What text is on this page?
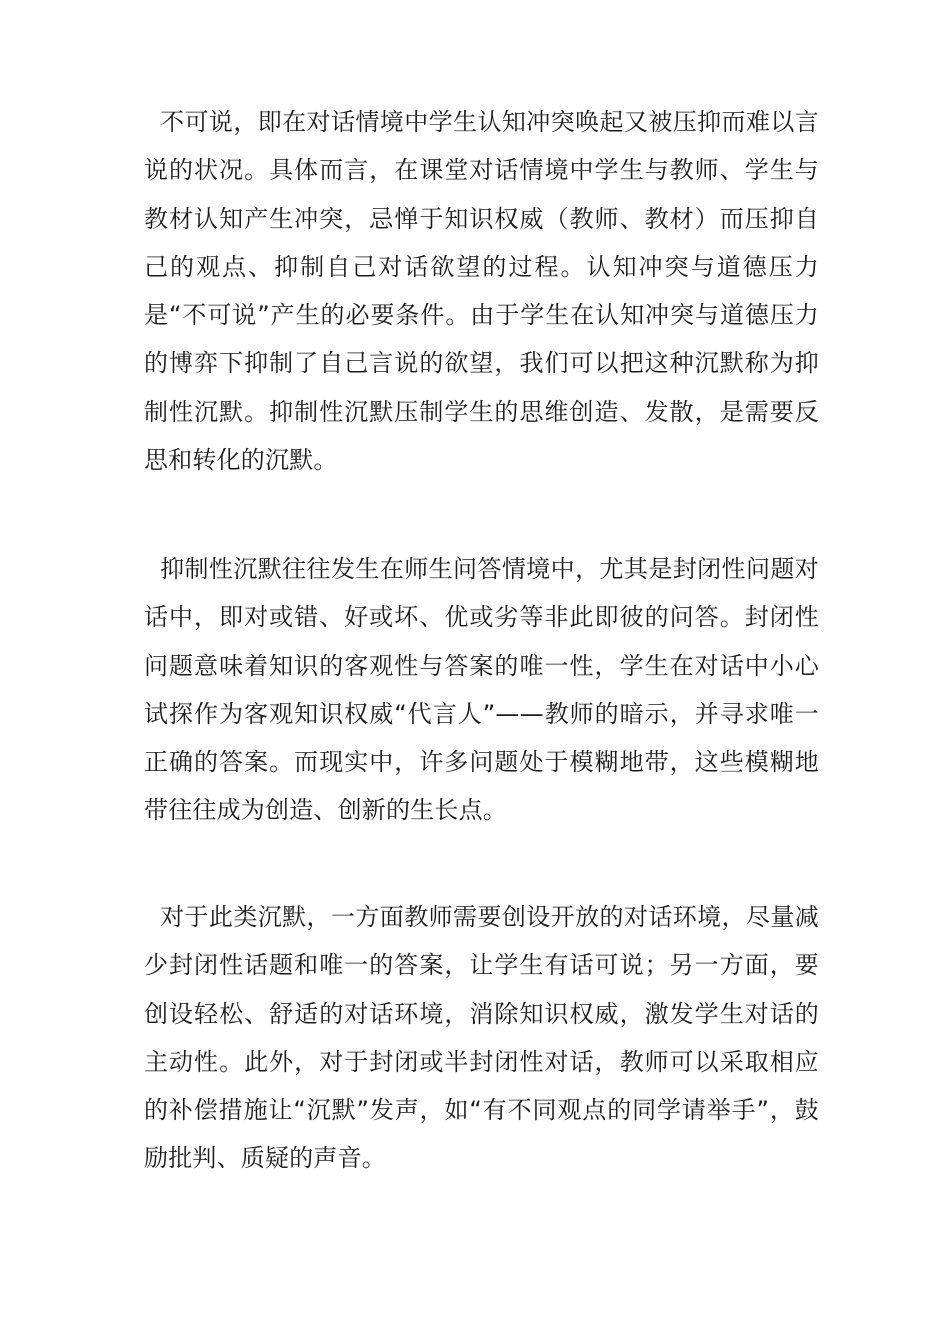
不可说，即在对话情境中学生认知冲突唤起又被压抑而难以言说的状况。具体而言，在课堂对话情境中学生与教师、学生与教材认知产生冲突，忌惮于知识权威（教师、教材）而压抑自己的观点、抑制自己对话欲望的过程。认知冲突与道德压力是“不可说”产生的必要条件。由于学生在认知冲突与道德压力的博弈下抑制了自己言说的欲望，我们可以把这种沉默称为抑制性沉默。抑制性沉默压制学生的思维创造、发散，是需要反思和转化的沉默。

抑制性沉默往往发生在师生问答情境中，尤其是封闭性问题对话中，即对或错、好或坏、优或劣等非此即彼的问答。封闭性问题意味着知识的客观性与答案的唯一性，学生在对话中小心试探作为客观知识权威“代言人”——教师的暗示，并寻求唯一正确的答案。而现实中，许多问题处于模糊地带，这些模糊地带往往成为创造、创新的生长点。

对于此类沉默，一方面教师需要创设开放的对话环境，尽量减少封闭性话题和唯一的答案，让学生有话可说；另一方面，要创设轻松、舒适的对话环境，消除知识权威，激发学生对话的主动性。此外，对于封闭或半封闭性对话，教师可以采取相应的补偿措施让“沉默”发声，如“有不同观点的同学请举手”，鼓励批判、质疑的声音。
